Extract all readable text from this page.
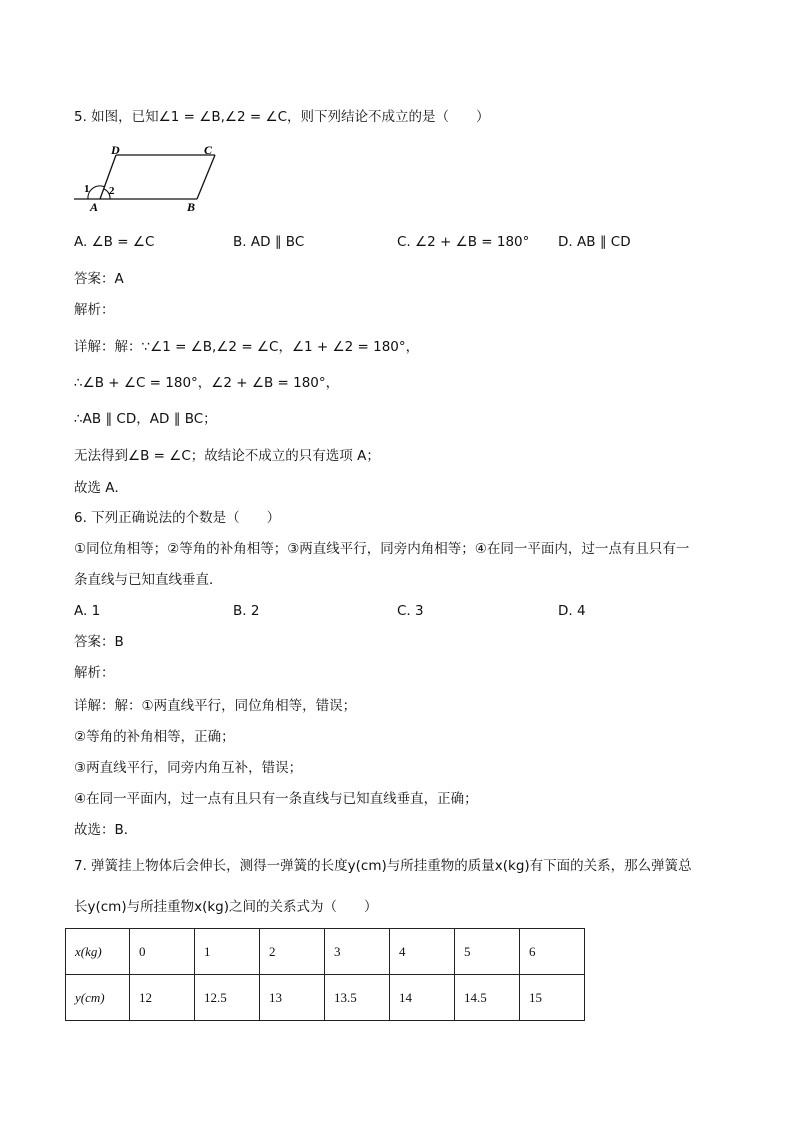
5. 如图，已知∠1 = ∠B,∠2 = ∠C，则下列结论不成立的是（　　）
D	C
1 2
A	B
A. ∠B = ∠C	B. AD ∥ BC	C. ∠2 + ∠B = 180° D. AB ∥ CD
答案：A
解析：
详解：解：∵∠1 = ∠B,∠2 = ∠C，∠1 + ∠2 = 180°，
∴∠B + ∠C = 180°，∠2 + ∠B = 180°，
∴AB ∥ CD，AD ∥ BC；
无法得到∠B = ∠C；故结论不成立的只有选项 A；
故选 A．
6. 下列正确说法的个数是（　　）
①同位角相等；②等角的补角相等；③两直线平行，同旁内角相等；④在同一平面内，过一点有且只有一
条直线与已知直线垂直．
A. 1	B. 2	C. 3	D. 4
答案：B
解析：
详解：解：①两直线平行，同位角相等，错误；
②等角的补角相等，正确；
③两直线平行，同旁内角互补，错误；
④在同一平面内，过一点有且只有一条直线与已知直线垂直，正确；
故选：B．
7. 弹簧挂上物体后会伸长，测得一弹簧的长度y(cm)与所挂重物的质量x(kg)有下面的关系，那么弹簧总
长y(cm)与所挂重物x(kg)之间的关系式为（　　）
x(kg)	0	1	2	3	4	5	6
y(cm)	12	12.5	13	13.5	14	14.5	15
